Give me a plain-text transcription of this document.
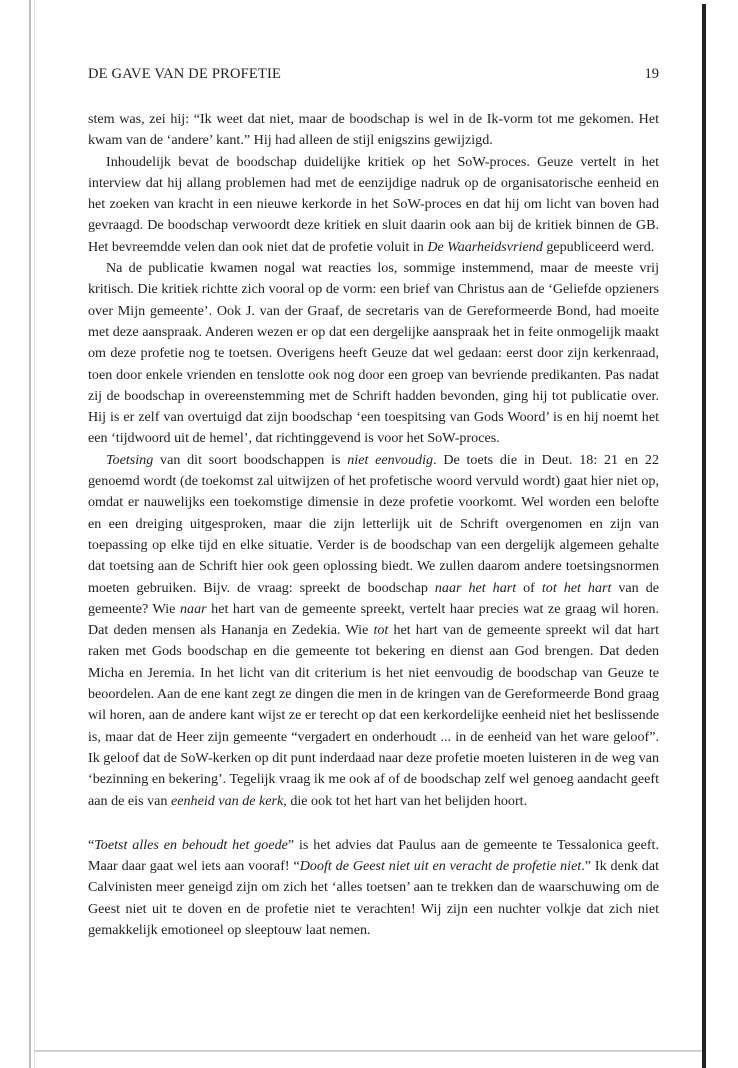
DE GAVE VAN DE PROFETIE	19

stem was, zei hij: “Ik weet dat niet, maar de boodschap is wel in de Ik-vorm tot me gekomen. Het kwam van de ‘andere’ kant.” Hij had alleen de stijl enigszins gewijzigd.

Inhoudelijk bevat de boodschap duidelijke kritiek op het SoW-proces. Geuze vertelt in het interview dat hij allang problemen had met de eenzijdige nadruk op de organisatorische eenheid en het zoeken van kracht in een nieuwe kerkorde in het SoW-proces en dat hij om licht van boven had gevraagd. De boodschap verwoordt deze kritiek en sluit daarin ook aan bij de kritiek binnen de GB. Het bevreemdde velen dan ook niet dat de profetie voluit in De Waarheidsvriend gepubliceerd werd.

Na de publicatie kwamen nogal wat reacties los, sommige instemmend, maar de meeste vrij kritisch. Die kritiek richtte zich vooral op de vorm: een brief van Christus aan de ‘Geliefde opzieners over Mijn gemeente’. Ook J. van der Graaf, de secretaris van de Gereformeerde Bond, had moeite met deze aanspraak. Anderen wezen er op dat een dergelijke aanspraak het in feite onmogelijk maakt om deze profetie nog te toetsen. Overigens heeft Geuze dat wel gedaan: eerst door zijn kerkenraad, toen door enkele vrienden en tenslotte ook nog door een groep van bevriende predikanten. Pas nadat zij de boodschap in overeenstemming met de Schrift hadden bevonden, ging hij tot publicatie over. Hij is er zelf van overtuigd dat zijn boodschap ‘een toespitsing van Gods Woord’ is en hij noemt het een ‘tijdwoord uit de hemel’, dat richtinggevend is voor het SoW-proces.

Toetsing van dit soort boodschappen is niet eenvoudig. De toets die in Deut. 18: 21 en 22 genoemd wordt (de toekomst zal uitwijzen of het profetische woord vervuld wordt) gaat hier niet op, omdat er nauwelijks een toekomstige dimensie in deze profetie voorkomt. Wel worden een belofte en een dreiging uitgesproken, maar die zijn letterlijk uit de Schrift overgenomen en zijn van toepassing op elke tijd en elke situatie. Verder is de boodschap van een dergelijk algemeen gehalte dat toetsing aan de Schrift hier ook geen oplossing biedt. We zullen daarom andere toetsingsnormen moeten gebruiken. Bijv. de vraag: spreekt de boodschap naar het hart of tot het hart van de gemeente? Wie naar het hart van de gemeente spreekt, vertelt haar precies wat ze graag wil horen. Dat deden mensen als Hananja en Zedekia. Wie tot het hart van de gemeente spreekt wil dat hart raken met Gods boodschap en die gemeente tot bekering en dienst aan God brengen. Dat deden Micha en Jeremia. In het licht van dit criterium is het niet eenvoudig de boodschap van Geuze te beoordelen. Aan de ene kant zegt ze dingen die men in de kringen van de Gereformeerde Bond graag wil horen, aan de andere kant wijst ze er terecht op dat een kerkordelijke eenheid niet het beslissende is, maar dat de Heer zijn gemeente “vergadert en onderhoudt ... in de eenheid van het ware geloof”. Ik geloof dat de SoW-kerken op dit punt inderdaad naar deze profetie moeten luisteren in de weg van ‘bezinning en bekering’. Tegelijk vraag ik me ook af of de boodschap zelf wel genoeg aandacht geeft aan de eis van eenheid van de kerk, die ook tot het hart van het belijden hoort.

“Toetst alles en behoudt het goede” is het advies dat Paulus aan de gemeente te Tessalonica geeft. Maar daar gaat wel iets aan vooraf! “Dooft de Geest niet uit en veracht de profetie niet.” Ik denk dat Calvinisten meer geneigd zijn om zich het ‘alles toetsen’ aan te trekken dan de waarschuwing om de Geest niet uit te doven en de profetie niet te verachten! Wij zijn een nuchter volkje dat zich niet gemakkelijk emotioneel op sleeptouw laat nemen.
